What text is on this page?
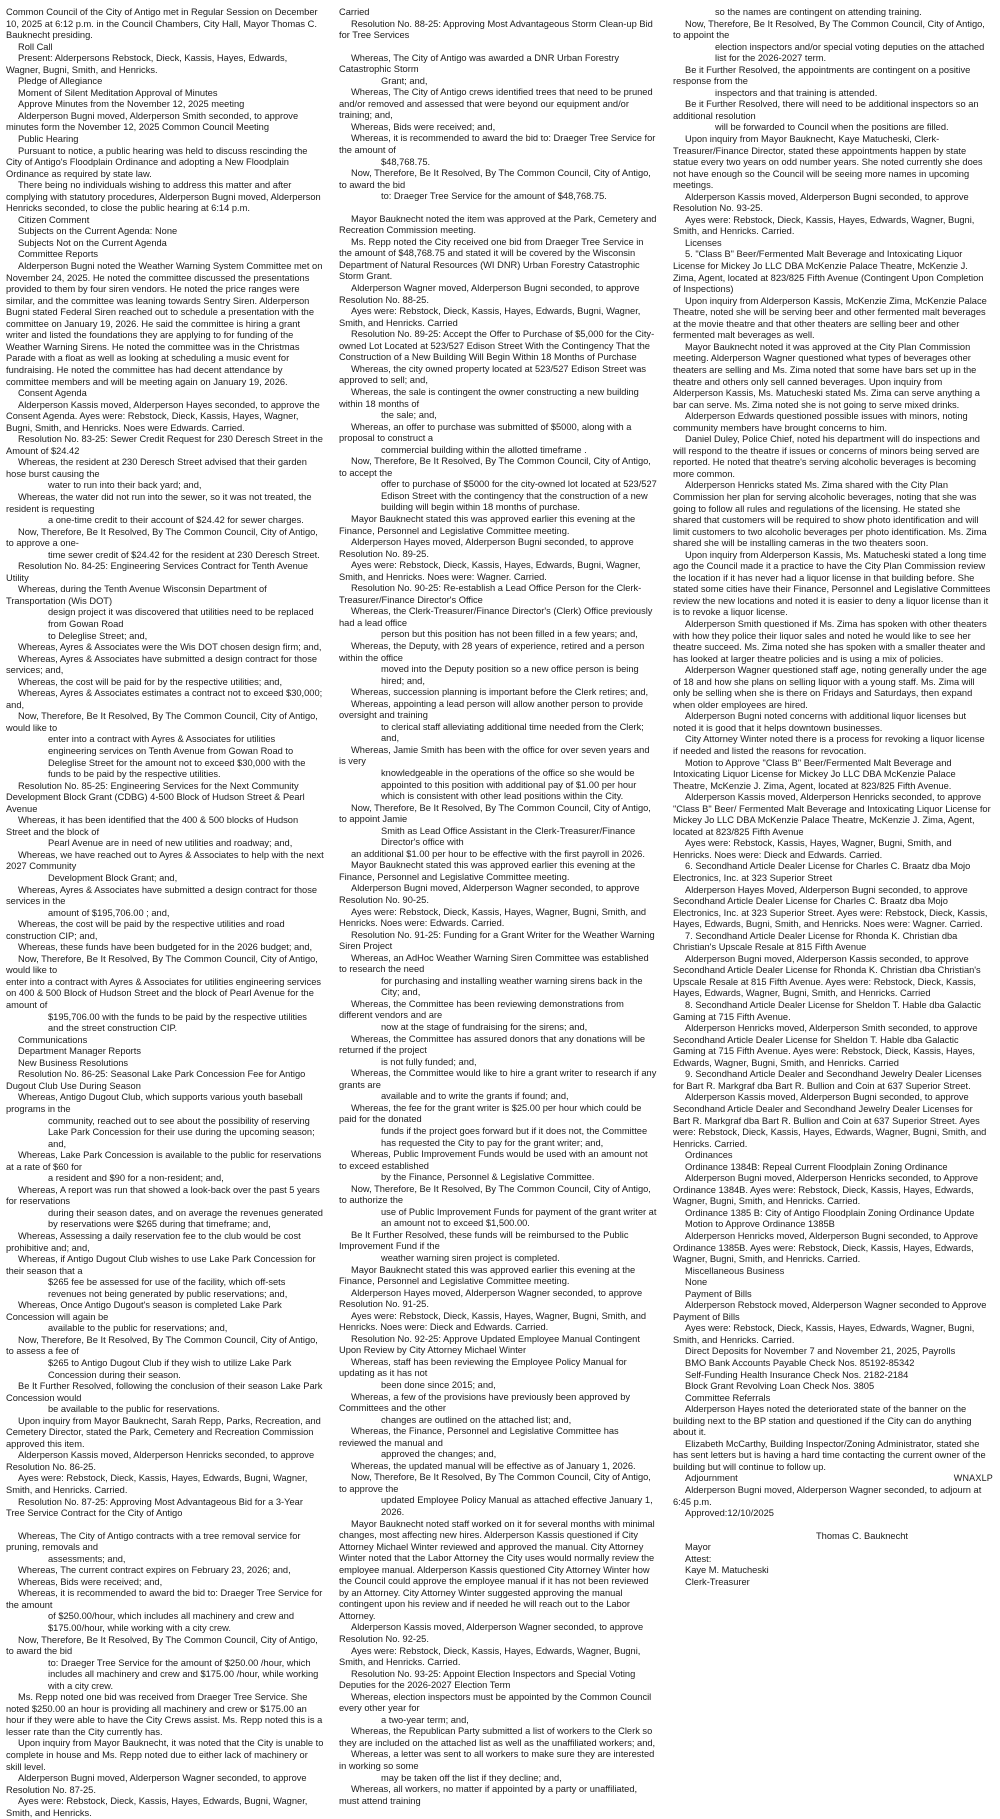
Common Council of the City of Antigo met in Regular Session on December 10, 2025 at 6:12 p.m. in the Council Chambers, City Hall, Mayor Thomas C. Bauknecht presiding.

Roll Call

Present: Alderpersons Rebstock, Dieck, Kassis, Hayes, Edwards, Wagner, Bugni, Smith, and Henricks.

Pledge of Allegiance

Moment of Silent Meditation Approval of Minutes

Approve Minutes from the November 12, 2025 meeting

Alderperson Bugni moved, Alderperson Smith seconded, to approve minutes form the November 12, 2025 Common Council Meeting

Public Hearing

Pursuant to notice, a public hearing was held to discuss rescinding the City of Antigo's Floodplain Ordinance and adopting a New Floodplain Ordinance as required by state law.

There being no individuals wishing to address this matter and after complying with statutory procedures, Alderperson Bugni moved, Alderperson Henricks seconded, to close the public hearing at 6:14 p.m.

Citizen Comment

Subjects on the Current Agenda: None

Subjects Not on the Current Agenda

Committee Reports

Alderperson Bugni noted the Weather Warning System Committee met on November 24, 2025. He noted the committee discussed the presentations provided to them by four siren vendors. He noted the price ranges were similar, and the committee was leaning towards Sentry Siren. Alderperson Bugni stated Federal Siren reached out to schedule a presentation with the committee on January 19, 2026. He said the committee is hiring a grant writer and listed the foundations they are applying to for funding of the Weather Warning Sirens. He noted the committee was in the Christmas Parade with a float as well as looking at scheduling a music event for fundraising. He noted the committee has had decent attendance by committee members and will be meeting again on January 19, 2026.

Consent Agenda

Alderperson Kassis moved, Alderperson Hayes seconded, to approve the Consent Agenda. Ayes were: Rebstock, Dieck, Kassis, Hayes, Wagner, Bugni, Smith, and Henricks. Noes were Edwards. Carried.

Resolution No. 83-25: Sewer Credit Request for 230 Deresch Street in the Amount of $24.42

Whereas, the resident at 230 Deresch Street advised that their garden hose burst causing the

water to run into their back yard; and,

Whereas, the water did not run into the sewer, so it was not treated, the resident is requesting

a one-time credit to their account of $24.42 for sewer charges.

Now, Therefore, Be It Resolved, By The Common Council, City of Antigo, to approve a one-

time sewer credit of $24.42 for the resident at 230 Deresch Street.

Resolution No. 84-25: Engineering Services Contract for Tenth Avenue Utility

Whereas, during the Tenth Avenue Wisconsin Department of Transportation (Wis DOT)

design project it was discovered that utilities need to be replaced from Gowan Road

to Deleglise Street; and,

Whereas, Ayres & Associates were the Wis DOT chosen design firm; and,

Whereas, Ayres & Associates have submitted a design contract for those services; and,

Whereas, the cost will be paid for by the respective utilities; and,

Whereas, Ayres & Associates estimates a contract not to exceed $30,000; and,

Now, Therefore, Be It Resolved, By The Common Council, City of Antigo, would like to

enter into a contract with Ayres & Associates for utilities engineering services on Tenth Avenue from Gowan Road to Deleglise Street for the amount not to exceed $30,000 with the funds to be paid by the respective utilities.

Resolution No. 85-25: Engineering Services for the Next Community Development Block Grant (CDBG) 4-500 Block of Hudson Street & Pearl Avenue

Whereas, it has been identified that the 400 & 500 blocks of Hudson Street and the block of

Pearl Avenue are in need of new utilities and roadway; and,

Whereas, we have reached out to Ayres & Associates to help with the next 2027 Community

Development Block Grant; and,

Whereas, Ayres & Associates have submitted a design contract for those services in the

amount of $195,706.00 ; and,

Whereas, the cost will be paid by the respective utilities and road construction CIP; and,

Whereas, these funds have been budgeted for in the 2026 budget; and,

Now, Therefore, Be It Resolved, By The Common Council, City of Antigo, would like to

enter into a contract with Ayres & Associates for utilities engineering services on 400 & 500 Block of Hudson Street and the block of Pearl Avenue for the amount of

$195,706.00 with the funds to be paid by the respective utilities and the street construction CIP.

Communications

Department Manager Reports

New Business Resolutions

Resolution No. 86-25: Seasonal Lake Park Concession Fee for Antigo Dugout Club Use During Season

Whereas, Antigo Dugout Club, which supports various youth baseball programs in the

community, reached out to see about the possibility of reserving Lake Park Concession for their use during the upcoming season; and,

Whereas, Lake Park Concession is available to the public for reservations at a rate of $60 for

a resident and $90 for a non-resident; and,

Whereas, A report was run that showed a look-back over the past 5 years for reservations

during their season dates, and on average the revenues generated by reservations were $265 during that timeframe; and,

Whereas, Assessing a daily reservation fee to the club would be cost prohibitive and; and,

Whereas, if Antigo Dugout Club wishes to use Lake Park Concession for their season that a

$265 fee be assessed for use of the facility, which off-sets revenues not being generated by public reservations; and,

Whereas, Once Antigo Dugout's season is completed Lake Park Concession will again be

available to the public for reservations; and,

Now, Therefore, Be It Resolved, By The Common Council, City of Antigo, to assess a fee of

$265 to Antigo Dugout Club if they wish to utilize Lake Park Concession during their season.

Be It Further Resolved, following the conclusion of their season Lake Park Concession would

be available to the public for reservations.

Upon inquiry from Mayor Bauknecht, Sarah Repp, Parks, Recreation, and Cemetery Director, stated the Park, Cemetery and Recreation Commission approved this item.

Alderperson Kassis moved, Alderperson Henricks seconded, to approve Resolution No. 86-25.

Ayes were: Rebstock, Dieck, Kassis, Hayes, Edwards, Bugni, Wagner, Smith, and Henricks. Carried.

Resolution No. 87-25: Approving Most Advantageous Bid for a 3-Year Tree Service Contract for the City of Antigo

Whereas, The City of Antigo contracts with a tree removal service for pruning, removals and

assessments; and,

Whereas, The current contract expires on February 23, 2026; and,

Whereas, Bids were received; and,

Whereas, it is recommended to award the bid to: Draeger Tree Service for the amount

of $250.00/hour, which includes all machinery and crew and $175.00/hour, while working with a city crew.

Now, Therefore, Be It Resolved, By The Common Council, City of Antigo, to award the bid

to: Draeger Tree Service for the amount of $250.00 /hour, which includes all machinery and crew and $175.00 /hour, while working with a city crew.

Ms. Repp noted one bid was received from Draeger Tree Service. She noted $250.00 an hour is providing all machinery and crew or $175.00 an hour if they were able to have the City Crews assist. Ms. Repp noted this is a lesser rate than the City currently has.

Upon inquiry from Mayor Bauknecht, it was noted that the City is unable to complete in house and Ms. Repp noted due to either lack of machinery or skill level.

Alderperson Bugni moved, Alderperson Wagner seconded, to approve Resolution No. 87-25.

Ayes were: Rebstock, Dieck, Kassis, Hayes, Edwards, Bugni, Wagner, Smith, and Henricks.

Carried

Resolution No. 88-25: Approving Most Advantageous Storm Clean-up Bid for Tree Services

Whereas, The City of Antigo was awarded a DNR Urban Forestry Catastrophic Storm

Grant; and,

Whereas, The City of Antigo crews identified trees that need to be pruned and/or removed and assessed that were beyond our equipment and/or training; and,

Whereas, Bids were received; and,

Whereas, it is recommended to award the bid to: Draeger Tree Service for the amount of

$48,768.75.

Now, Therefore, Be It Resolved, By The Common Council, City of Antigo, to award the bid

to: Draeger Tree Service for the amount of $48,768.75.

Mayor Bauknecht noted the item was approved at the Park, Cemetery and Recreation Commission meeting.

Ms. Repp noted the City received one bid from Draeger Tree Service in the amount of $48,768.75 and stated it will be covered by the Wisconsin Department of Natural Resources (WI DNR) Urban Forestry Catastrophic Storm Grant.

Alderperson Wagner moved, Alderperson Bugni seconded, to approve Resolution No. 88-25.

Ayes were: Rebstock, Dieck, Kassis, Hayes, Edwards, Bugni, Wagner, Smith, and Henricks. Carried

Resolution No. 89-25: Accept the Offer to Purchase of $5,000 for the City-owned Lot Located at 523/527 Edison Street With the Contingency That the Construction of a New Building Will Begin Within 18 Months of Purchase

Whereas, the city owned property located at 523/527 Edison Street was approved to sell; and,

Whereas, the sale is contingent the owner constructing a new building within 18 months of

the sale; and,

Whereas, an offer to purchase was submitted of $5000, along with a proposal to construct a

commercial building within the allotted timeframe .

Now, Therefore, Be It Resolved, By The Common Council, City of Antigo, to accept the

offer to purchase of $5000 for the city-owned lot located at 523/527 Edison Street with the contingency that the construction of a new building will begin within 18 months of purchase.

Mayor Bauknecht stated this was approved earlier this evening at the Finance, Personnel and Legislative Committee meeting.

Alderperson Hayes moved, Alderperson Bugni seconded, to approve Resolution No. 89-25.

Ayes were: Rebstock, Dieck, Kassis, Hayes, Edwards, Bugni, Wagner, Smith, and Henricks. Noes were: Wagner. Carried.

Resolution No. 90-25: Re-establish a Lead Office Person for the Clerk-Treasurer/Finance Director's Office

Whereas, the Clerk-Treasurer/Finance Director's (Clerk) Office previously had a lead office

person but this position has not been filled in a few years; and,

Whereas, the Deputy, with 28 years of experience, retired and a person within the office

moved into the Deputy position so a new office person is being hired; and,

Whereas, succession planning is important before the Clerk retires; and,

Whereas, appointing a lead person will allow another person to provide oversight and training

to clerical staff alleviating additional time needed from the Clerk; and,

Whereas, Jamie Smith has been with the office for over seven years and is very

knowledgeable in the operations of the office so she would be appointed to this position with additional pay of $1.00 per hour which is consistent with other lead positions within the City.

Now, Therefore, Be It Resolved, By The Common Council, City of Antigo, to appoint Jamie

Smith as Lead Office Assistant in the Clerk-Treasurer/Finance Director's office with

an additional $1.00 per hour to be effective with the first payroll in 2026.

Mayor Bauknecht stated this was approved earlier this evening at the Finance, Personnel and Legislative Committee meeting.

Alderperson Bugni moved, Alderperson Wagner seconded, to approve Resolution No. 90-25.

Ayes were: Rebstock, Dieck, Kassis, Hayes, Wagner, Bugni, Smith, and Henricks. Noes were: Edwards. Carried.

Resolution No. 91-25: Funding for a Grant Writer for the Weather Warning Siren Project

Whereas, an AdHoc Weather Warning Siren Committee was established to research the need

for purchasing and installing weather warning sirens back in the City; and,

Whereas, the Committee has been reviewing demonstrations from different vendors and are

now at the stage of fundraising for the sirens; and,

Whereas, the Committee has assured donors that any donations will be returned if the project

is not fully funded; and,

Whereas, the Committee would like to hire a grant writer to research if any grants are

available and to write the grants if found; and,

Whereas, the fee for the grant writer is $25.00 per hour which could be paid for the donated

funds if the project goes forward but if it does not, the Committee has requested the City to pay for the grant writer; and,

Whereas, Public Improvement Funds would be used with an amount not to exceed established

by the Finance, Personnel & Legislative Committee.

Now, Therefore, Be It Resolved, By The Common Council, City of Antigo, to authorize the

use of Public Improvement Funds for payment of the grant writer at an amount not to exceed $1,500.00.

Be It Further Resolved, these funds will be reimbursed to the Public Improvement Fund if the

weather warning siren project is completed.

Mayor Bauknecht stated this was approved earlier this evening at the Finance, Personnel and Legislative Committee meeting.

Alderperson Hayes moved, Alderperson Wagner seconded, to approve Resolution No. 91-25.

Ayes were: Rebstock, Dieck, Kassis, Hayes, Wagner, Bugni, Smith, and Henricks. Noes were: Dieck and Edwards. Carried.

Resolution No. 92-25: Approve Updated Employee Manual Contingent Upon Review by City Attorney Michael Winter

Whereas, staff has been reviewing the Employee Policy Manual for updating as it has not

been done since 2015; and,

Whereas, a few of the provisions have previously been approved by Committees and the other

changes are outlined on the attached list; and,

Whereas, the Finance, Personnel and Legislative Committee has reviewed the manual and

approved the changes; and,

Whereas, the updated manual will be effective as of January 1, 2026.

Now, Therefore, Be It Resolved, By The Common Council, City of Antigo, to approve the

updated Employee Policy Manual as attached effective January 1, 2026.

Mayor Bauknecht noted staff worked on it for several months with minimal changes, most affecting new hires. Alderperson Kassis questioned if City Attorney Michael Winter reviewed and approved the manual. City Attorney Winter noted that the Labor Attorney the City uses would normally review the employee manual. Alderperson Kassis questioned City Attorney Winter how the Council could approve the employee manual if it has not been reviewed by an Attorney. City Attorney Winter suggested approving the manual contingent upon his review and if needed he will reach out to the Labor Attorney.

Alderperson Kassis moved, Alderperson Wagner seconded, to approve Resolution No. 92-25.

Ayes were: Rebstock, Dieck, Kassis, Hayes, Edwards, Wagner, Bugni, Smith, and Henricks. Carried.

Resolution No. 93-25: Appoint Election Inspectors and Special Voting Deputies for the 2026-2027 Election Term

Whereas, election inspectors must be appointed by the Common Council every other year for

a two-year term; and,

Whereas, the Republican Party submitted a list of workers to the Clerk so they are included on the attached list as well as the unaffiliated workers; and,

Whereas, a letter was sent to all workers to make sure they are interested in working so some

may be taken off the list if they decline; and,

Whereas, all workers, no matter if appointed by a party or unaffiliated, must attend training

so the names are contingent on attending training.

Now, Therefore, Be It Resolved, By The Common Council, City of Antigo, to appoint the

election inspectors and/or special voting deputies on the attached list for the 2026-2027 term.

Be it Further Resolved, the appointments are contingent on a positive response from the

inspectors and that training is attended.

Be it Further Resolved, there will need to be additional inspectors so an additional resolution

will be forwarded to Council when the positions are filled.

Upon inquiry from Mayor Bauknecht, Kaye Matucheski, Clerk-Treasurer/Finance Director, stated these appointments happen by state statue every two years on odd number years. She noted currently she does not have enough so the Council will be seeing more names in upcoming meetings.

Alderperson Kassis moved, Alderperson Bugni seconded, to approve Resolution No. 93-25.

Ayes were: Rebstock, Dieck, Kassis, Hayes, Edwards, Wagner, Bugni, Smith, and Henricks. Carried.

Licenses

5. "Class B" Beer/Fermented Malt Beverage and Intoxicating Liquor License for Mickey Jo LLC DBA McKenzie Palace Theatre, McKenzie J. Zima, Agent, located at 823/825 Fifth Avenue (Contingent Upon Completion of Inspections)

Upon inquiry from Alderperson Kassis, McKenzie Zima, McKenzie Palace Theatre, noted she will be serving beer and other fermented malt beverages at the movie theatre and that other theaters are selling beer and other fermented malt beverages as well.

Mayor Bauknecht noted it was approved at the City Plan Commission meeting. Alderperson Wagner questioned what types of beverages other theaters are selling and Ms. Zima noted that some have bars set up in the theatre and others only sell canned beverages. Upon inquiry from Alderperson Kassis, Ms. Matucheski stated Ms. Zima can serve anything a bar can serve. Ms. Zima noted she is not going to serve mixed drinks.

Alderperson Edwards questioned possible issues with minors, noting community members have brought concerns to him.

Daniel Duley, Police Chief, noted his department will do inspections and will respond to the theatre if issues or concerns of minors being served are reported. He noted that theatre's serving alcoholic beverages is becoming more common.

Alderperson Henricks stated Ms. Zima shared with the City Plan Commission her plan for serving alcoholic beverages, noting that she was going to follow all rules and regulations of the licensing. He stated she shared that customers will be required to show photo identification and will limit customers to two alcoholic beverages per photo identification. Ms. Zima shared she will be installing cameras in the two theaters soon.

Upon inquiry from Alderperson Kassis, Ms. Matucheski stated a long time ago the Council made it a practice to have the City Plan Commission review the location if it has never had a liquor license in that building before. She stated some cities have their Finance, Personnel and Legislative Committees review the new locations and noted it is easier to deny a liquor license than it is to revoke a liquor license.

Alderperson Smith questioned if Ms. Zima has spoken with other theaters with how they police their liquor sales and noted he would like to see her theatre succeed. Ms. Zima noted she has spoken with a smaller theater and has looked at larger theatre policies and is using a mix of policies.

Alderperson Wagner questioned staff age, noting generally under the age of 18 and how she plans on selling liquor with a young staff. Ms. Zima will only be selling when she is there on Fridays and Saturdays, then expand when older employees are hired.

Alderperson Bugni noted concerns with additional liquor licenses but noted it is good that it helps downtown businesses.

City Attorney Winter noted there is a process for revoking a liquor license if needed and listed the reasons for revocation.

Motion to Approve "Class B" Beer/Fermented Malt Beverage and Intoxicating Liquor License for Mickey Jo LLC DBA McKenzie Palace Theatre, McKenzie J. Zima, Agent, located at 823/825 Fifth Avenue.

Alderperson Kassis moved, Alderperson Henricks seconded, to approve "Class B" Beer/ Fermented Malt Beverage and Intoxicating Liquor License for Mickey Jo LLC DBA McKenzie Palace Theatre, McKenzie J. Zima, Agent, located at 823/825 Fifth Avenue

Ayes were: Rebstock, Kassis, Hayes, Wagner, Bugni, Smith, and Henricks. Noes were: Dieck and Edwards. Carried.

6. Secondhand Article Dealer License for Charles C. Braatz dba Mojo Electronics, Inc. at 323 Superior Street

Alderperson Hayes Moved, Alderperson Bugni seconded, to approve Secondhand Article Dealer License for Charles C. Braatz dba Mojo Electronics, Inc. at 323 Superior Street. Ayes were: Rebstock, Dieck, Kassis, Hayes, Edwards, Bugni, Smith, and Henricks. Noes were: Wagner. Carried.

7. Secondhand Article Dealer License for Rhonda K. Christian dba Christian's Upscale Resale at 815 Fifth Avenue

Alderperson Bugni moved, Alderperson Kassis seconded, to approve Secondhand Article Dealer License for Rhonda K. Christian dba Christian's Upscale Resale at 815 Fifth Avenue. Ayes were: Rebstock, Dieck, Kassis, Hayes, Edwards, Wagner, Bugni, Smith, and Henricks. Carried

8. Secondhand Article Dealer License for Sheldon T. Hable dba Galactic Gaming at 715 Fifth Avenue.

Alderperson Henricks moved, Alderperson Smith seconded, to approve Secondhand Article Dealer License for Sheldon T. Hable dba Galactic Gaming at 715 Fifth Avenue. Ayes were: Rebstock, Dieck, Kassis, Hayes, Edwards, Wagner, Bugni, Smith, and Henricks. Carried

9. Secondhand Article Dealer and Secondhand Jewelry Dealer Licenses for Bart R. Markgraf dba Bart R. Bullion and Coin at 637 Superior Street.

Alderperson Kassis moved, Alderperson Bugni seconded, to approve Secondhand Article Dealer and Secondhand Jewelry Dealer Licenses for Bart R. Markgraf dba Bart R. Bullion and Coin at 637 Superior Street. Ayes were: Rebstock, Dieck, Kassis, Hayes, Edwards, Wagner, Bugni, Smith, and Henricks. Carried.

Ordinances

Ordinance 1384B: Repeal Current Floodplain Zoning Ordinance

Alderperson Bugni moved, Alderperson Henricks seconded, to Approve Ordinance 1384B. Ayes were: Rebstock, Dieck, Kassis, Hayes, Edwards, Wagner, Bugni, Smith, and Henricks. Carried.

Ordinance 1385 B: City of Antigo Floodplain Zoning Ordinance Update

Motion to Approve Ordinance 1385B

Alderperson Henricks moved, Alderperson Bugni seconded, to Approve Ordinance 1385B. Ayes were: Rebstock, Dieck, Kassis, Hayes, Edwards, Wagner, Bugni, Smith, and Henricks. Carried.

Miscellaneous Business

None

Payment of Bills

Alderperson Rebstock moved, Alderperson Wagner seconded to Approve Payment of Bills

Ayes were: Rebstock, Dieck, Kassis, Hayes, Edwards, Wagner, Bugni, Smith, and Henricks. Carried.

Direct Deposits for November 7 and November 21, 2025, Payrolls

BMO Bank Accounts Payable Check Nos. 85192-85342

Self-Funding Health Insurance Check Nos. 2182-2184

Block Grant Revolving Loan Check Nos. 3805

Committee Referrals

Alderperson Hayes noted the deteriorated state of the banner on the building next to the BP station and questioned if the City can do anything about it.

Elizabeth McCarthy, Building Inspector/Zoning Administrator, stated she has sent letters but is having a hard time contacting the current owner of the building but will continue to follow up.

Adjournment

Alderperson Bugni moved, Alderperson Wagner seconded, to adjourn at 6:45 p.m.

Approved:12/10/2025

Thomas C. Bauknecht

Mayor

Attest:

Kaye M. Matucheski

Clerk-Treasurer

WNAXLP
